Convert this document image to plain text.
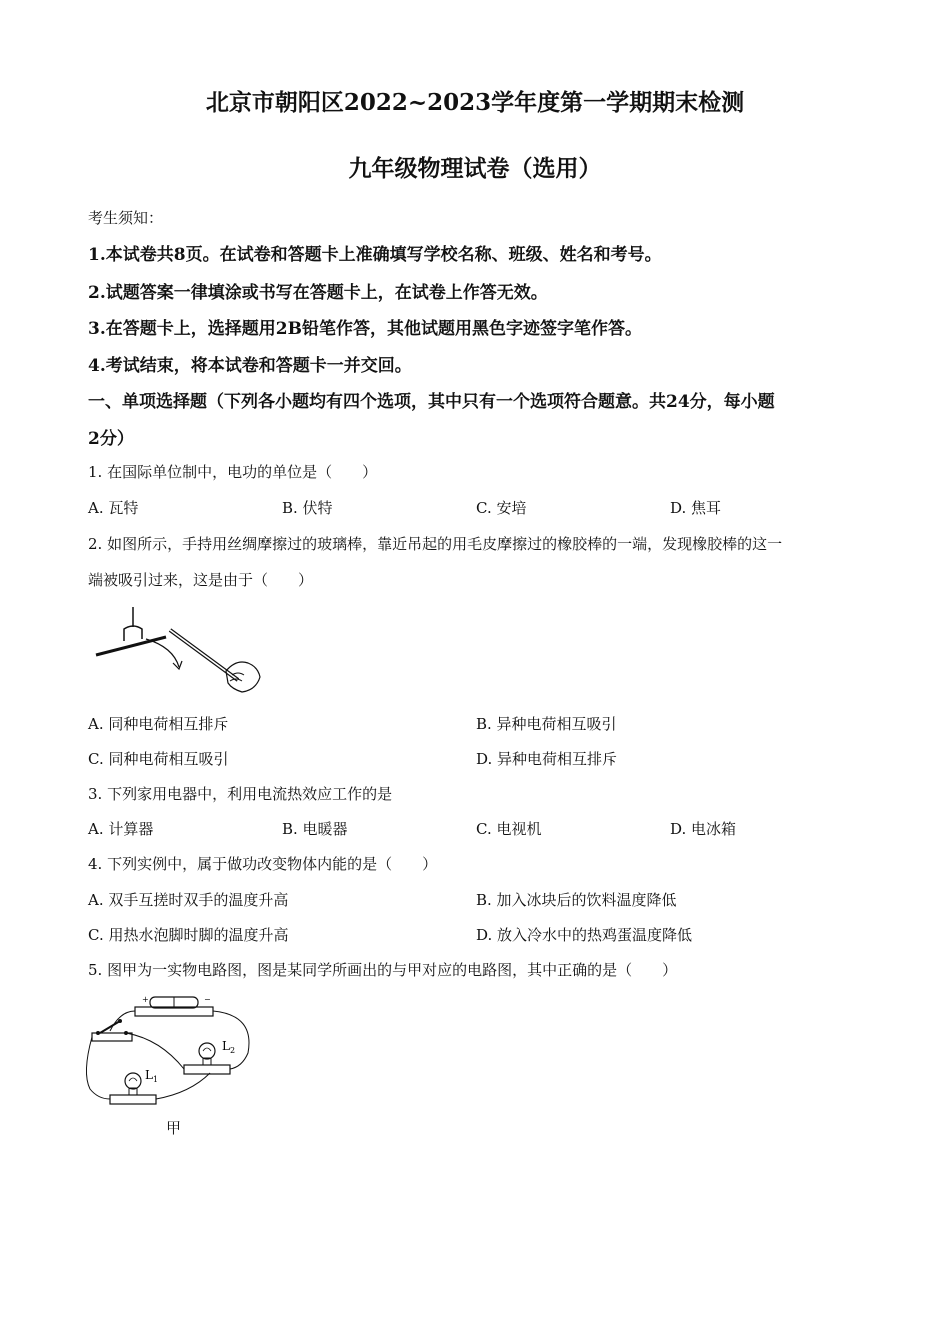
北京市朝阳区2022~2023学年度第一学期期末检测
九年级物理试卷（选用）
考生须知：
1.本试卷共8页。在试卷和答题卡上准确填写学校名称、班级、姓名和考号。
2.试题答案一律填涂或书写在答题卡上，在试卷上作答无效。
3.在答题卡上，选择题用2B铅笔作答，其他试题用黑色字迹签字笔作答。
4.考试结束，将本试卷和答题卡一并交回。
一、单项选择题（下列各小题均有四个选项，其中只有一个选项符合题意。共24分，每小题
2分）
1. 在国际单位制中，电功的单位是（　　）
A. 瓦特	B. 伏特	C. 安培	D. 焦耳
2. 如图所示，手持用丝绸摩擦过的玻璃棒，靠近吊起的用毛皮摩擦过的橡胶棒的一端，发现橡胶棒的这一
端被吸引过来，这是由于（　　）
A. 同种电荷相互排斥	B. 异种电荷相互吸引
C. 同种电荷相互吸引	D. 异种电荷相互排斥
3. 下列家用电器中，利用电流热效应工作的是
A. 计算器	B. 电暖器	C. 电视机	D. 电冰箱
4. 下列实例中，属于做功改变物体内能的是（　　）
A. 双手互搓时双手的温度升高	B. 加入冰块后的饮料温度降低
C. 用热水泡脚时脚的温度升高	D. 放入冷水中的热鸡蛋温度降低
5. 图甲为一实物电路图，图是某同学所画出的与甲对应的电路图，其中正确的是（　　）
+	−
$L_2$
$L_1$
甲
